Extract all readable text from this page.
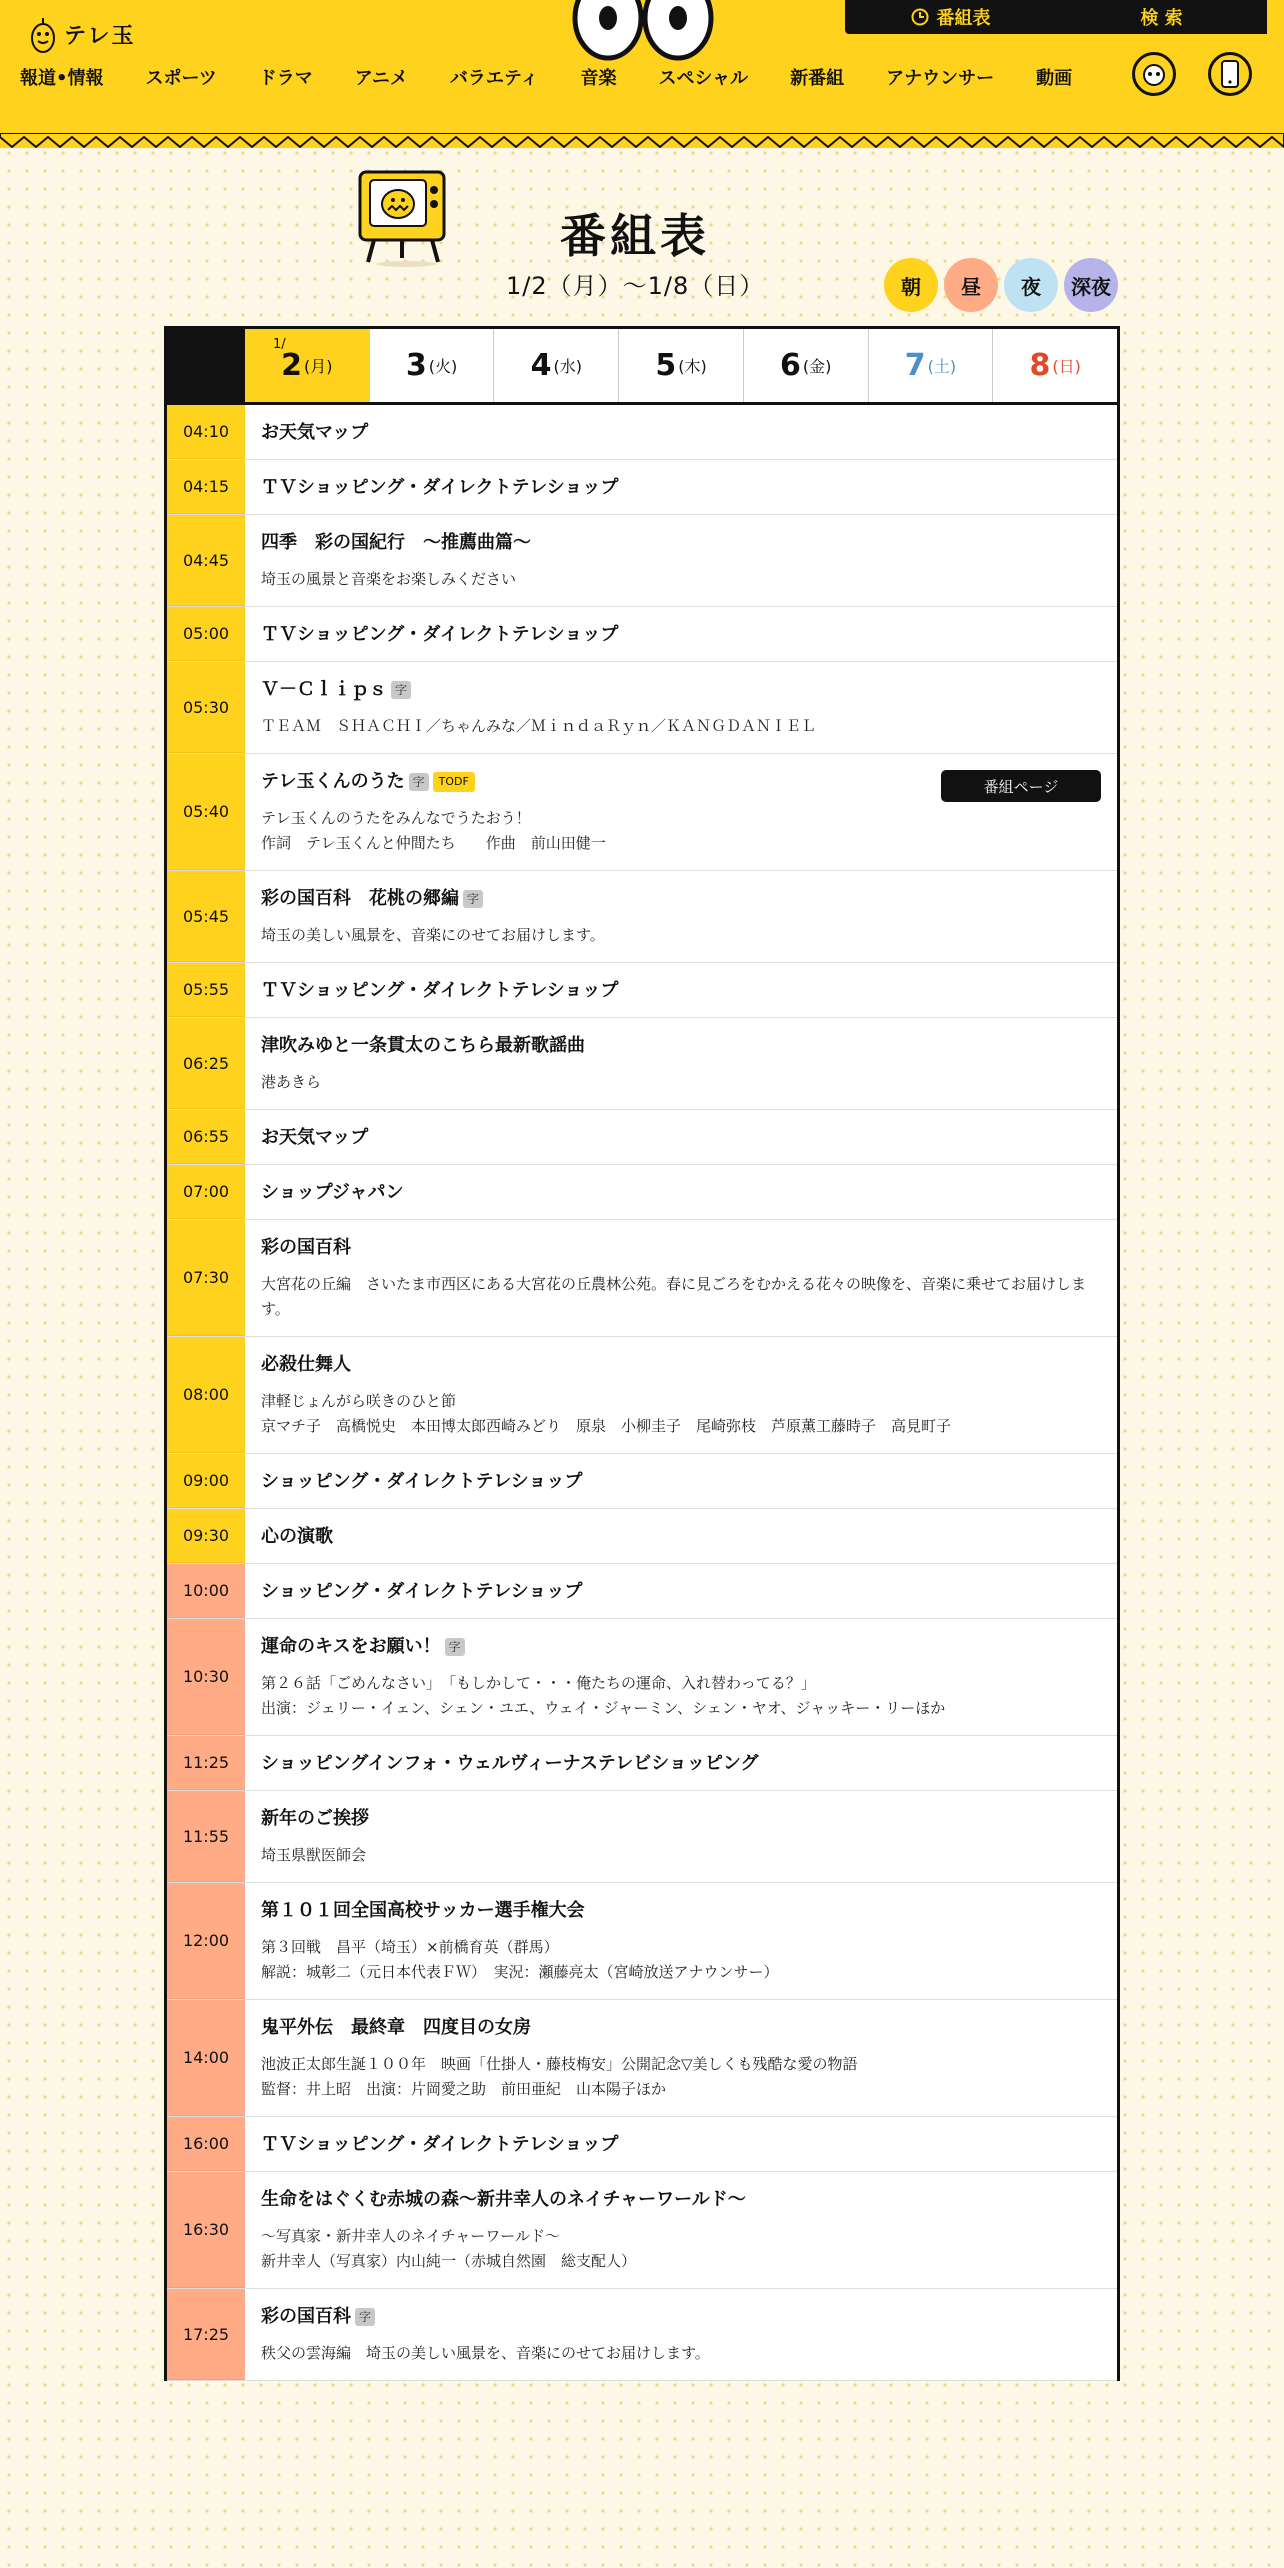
テレ玉
番組表	検 索
報道•情報 スポーツ ドラマ アニメ バラエティ 音楽 スペシャル 新番組 アナウンサー 動画
番組表
1/2（月）〜1/8（日）	朝 昼 夜 深夜
1/
2 (月) 3 (火) 4 (水) 5 (木) 6 (金) 7 (土) 8 (日)
04:10	お天気マップ
04:15	ＴＶショッピング・ダイレクトテレショップ
04:45
四季　彩の国紀行　～推薦曲篇～
埼玉の風景と音楽をお楽しみください
05:00	ＴＶショッピング・ダイレクトテレショップ
05:30
Ｖ－Ｃｌｉｐｓ 字
ＴＥＡＭ　ＳＨＡＣＨＩ／ちゃんみな／ＭｉｎｄａＲｙｎ／ＫＡＮＧＤＡＮＩＥＬ
05:40
テレ玉くんのうた 字	TODF
テレ玉くんのうたをみんなでうたおう！
作詞　テレ玉くんと仲間たち　　作曲　前山田健一
番組ページ
05:45
彩の国百科　花桃の郷編 字
埼玉の美しい風景を、音楽にのせてお届けします。
05:55	ＴＶショッピング・ダイレクトテレショップ
06:25
津吹みゆと一条貫太のこちら最新歌謡曲
港あきら
06:55	お天気マップ
07:00	ショップジャパン
07:30
彩の国百科
大宮花の丘編　さいたま市西区にある大宮花の丘農林公苑。春に見ごろをむかえる花々の映像を、音楽に乗せてお届けします。
08:00
必殺仕舞人
津軽じょんがら咲きのひと節
京マチ子　高橋悦史　本田博太郎西崎みどり　原泉　小柳圭子　尾崎弥枝　芦原薫工藤時子　高見町子
09:00	ショッピング・ダイレクトテレショップ
09:30	心の演歌
10:00	ショッピング・ダイレクトテレショップ
10:30
運命のキスをお願い！ 字
第２６話「ごめんなさい」　「もしかして・・・俺たちの運命、入れ替わってる？」
出演：ジェリー・イェン、シェン・ユエ、ウェイ・ジャーミン、シェン・ヤオ、ジャッキー・リーほか
11:25	ショッピングインフォ・ウェルヴィーナステレビショッピング
11:55
新年のご挨拶
埼玉県獣医師会
12:00
第１０１回全国高校サッカー選手権大会
第３回戦　昌平（埼玉）×前橋育英（群馬）
解説：城彰二（元日本代表ＦＷ）　実況：瀬藤亮太（宮崎放送アナウンサー）
14:00
鬼平外伝　最終章　四度目の女房
池波正太郎生誕１００年　映画「仕掛人・藤枝梅安」公開記念▽美しくも残酷な愛の物語
監督：井上昭　出演：片岡愛之助　前田亜紀　山本陽子ほか
16:00	ＴＶショッピング・ダイレクトテレショップ
16:30
生命をはぐくむ赤城の森～新井幸人のネイチャーワールド～
～写真家・新井幸人のネイチャーワールド～
新井幸人（写真家）内山純一（赤城自然園　総支配人）
17:25
彩の国百科 字
秩父の雲海編　埼玉の美しい風景を、音楽にのせてお届けします。
